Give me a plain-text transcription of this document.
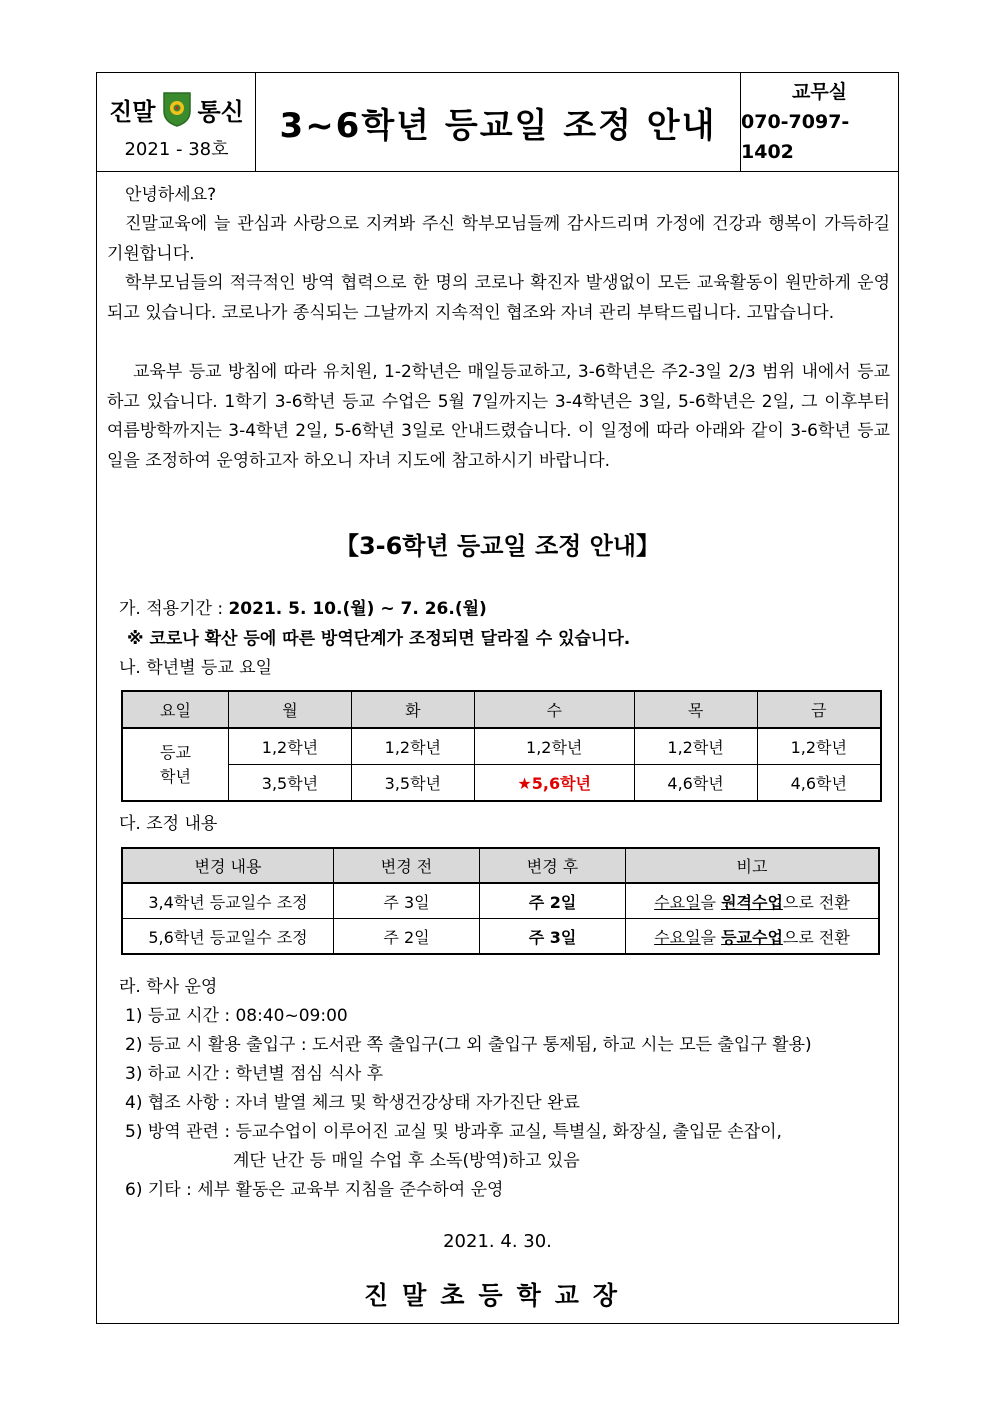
진말 통신
2021 - 38호
3~6학년 등교일 조정 안내
교무실
070-7097-1402
안녕하세요?
진말교육에 늘 관심과 사랑으로 지켜봐 주신 학부모님들께 감사드리며 가정에 건강과 행복이 가득하길 기원합니다.
학부모님들의 적극적인 방역 협력으로 한 명의 코로나 확진자 발생없이 모든 교육활동이 원만하게 운영되고 있습니다. 코로나가 종식되는 그날까지 지속적인 협조와 자녀 관리 부탁드립니다. 고맙습니다.
교육부 등교 방침에 따라 유치원, 1-2학년은 매일등교하고, 3-6학년은 주2-3일 2/3 범위 내에서 등교하고 있습니다. 1학기 3-6학년 등교 수업은 5월 7일까지는 3-4학년은 3일, 5-6학년은 2일, 그 이후부터 여름방학까지는 3-4학년 2일, 5-6학년 3일로 안내드렸습니다. 이 일정에 따라 아래와 같이 3-6학년 등교일을 조정하여 운영하고자 하오니 자녀 지도에 참고하시기 바랍니다.
【3-6학년 등교일 조정 안내】
가. 적용기간 : 2021. 5. 10.(월) ~ 7. 26.(월)
※ 코로나 확산 등에 따른 방역단계가 조정되면 달라질 수 있습니다.
나. 학년별 등교 요일
다. 조정 내용
라. 학사 운영
1) 등교 시간 : 08:40~09:00
2) 등교 시 활용 출입구 : 도서관 쪽 출입구(그 외 출입구 통제됨, 하교 시는 모든 출입구 활용)
3) 하교 시간 : 학년별 점심 식사 후
4) 협조 사항 : 자녀 발열 체크 및 학생건강상태 자가진단 완료
5) 방역 관련 : 등교수업이 이루어진 교실 및 방과후 교실, 특별실, 화장실, 출입문 손잡이,
계단 난간 등 매일 수업 후 소독(방역)하고 있음
6) 기타 : 세부 활동은 교육부 지침을 준수하여 운영
요일	월	화	수	목	금
등교
학년	1,2학년	1,2학년	1,2학년	1,2학년	1,2학년
	3,5학년	3,5학년	★5,6학년	4,6학년	4,6학년
변경 내용	변경 전	변경 후	비고
3,4학년 등교일수 조정	주 3일	주 2일	수요일을 원격수업으로 전환
5,6학년 등교일수 조정	주 2일	주 3일	수요일을 등교수업으로 전환
2021. 4. 30.
진말초등학교장
